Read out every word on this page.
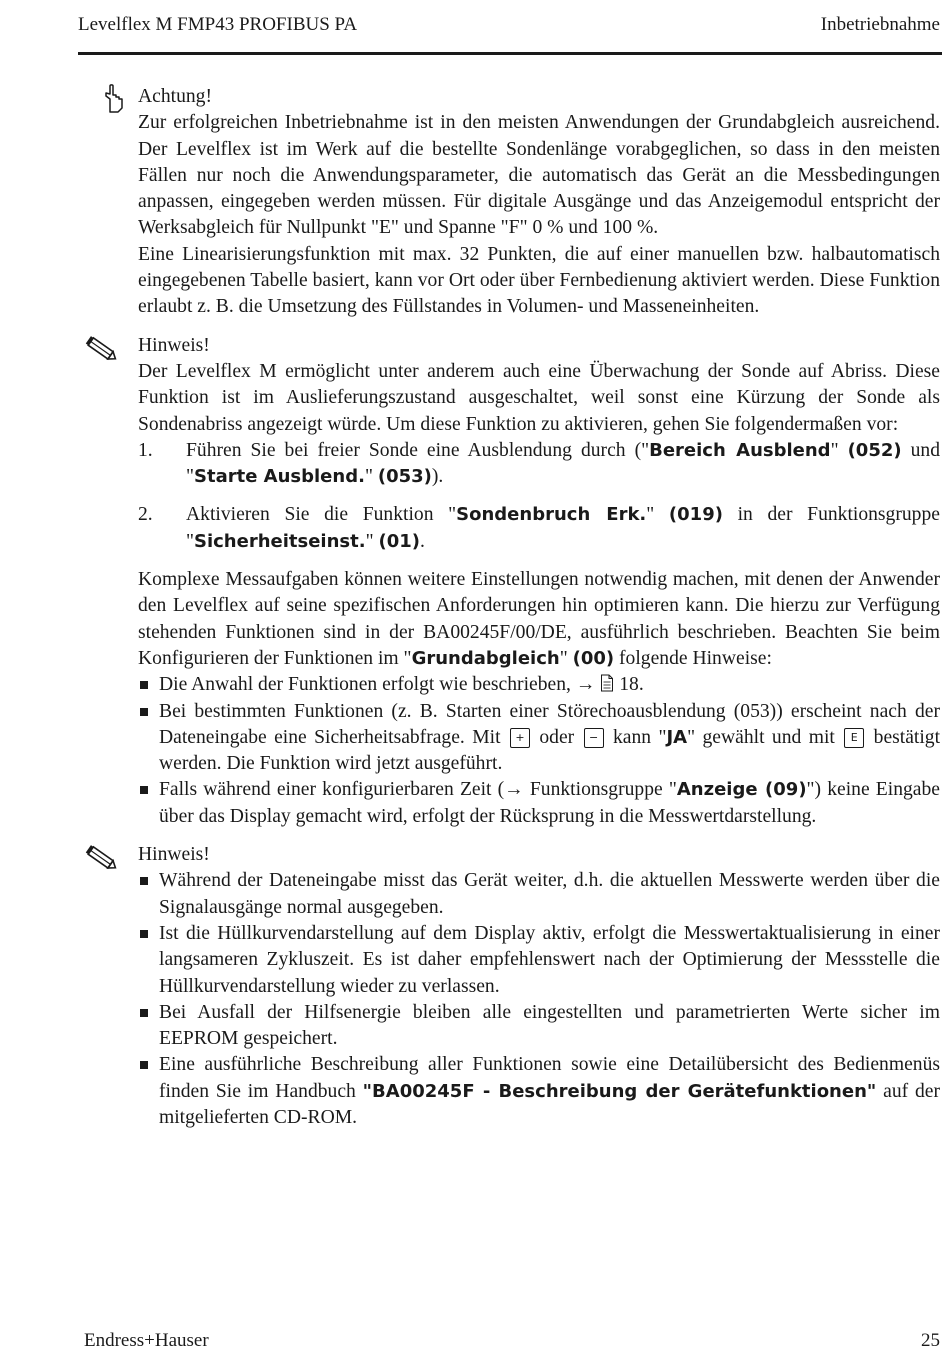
Levelflex M FMP43 PROFIBUS PA	Inbetriebnahme
Achtung!

Zur erfolgreichen Inbetriebnahme ist in den meisten Anwendungen der Grundabgleich ausreichend. Der Levelflex ist im Werk auf die bestellte Sondenlänge vorabgeglichen, so dass in den meisten Fällen nur noch die Anwendungsparameter, die automatisch das Gerät an die Messbedingungen anpassen, eingegeben werden müssen. Für digitale Ausgänge und das Anzeigemodul entspricht der Werksabgleich für Nullpunkt "E" und Spanne "F" 0 % und 100 %.

Eine Linearisierungsfunktion mit max. 32 Punkten, die auf einer manuellen bzw. halbautomatisch eingegebenen Tabelle basiert, kann vor Ort oder über Fernbedienung aktiviert werden. Diese Funktion erlaubt z. B. die Umsetzung des Füllstandes in Volumen- und Masseneinheiten.

Hinweis!

Der Levelflex M ermöglicht unter anderem auch eine Überwachung der Sonde auf Abriss. Diese Funktion ist im Auslieferungszustand ausgeschaltet, weil sonst eine Kürzung der Sonde als Sondenabriss angezeigt würde. Um diese Funktion zu aktivieren, gehen Sie folgendermaßen vor:

1. Führen Sie bei freier Sonde eine Ausblendung durch ("Bereich Ausblend" (052) und "Starte Ausblend." (053)).
2. Aktivieren Sie die Funktion "Sondenbruch Erk." (019) in der Funktionsgruppe "Sicherheitseinst." (01).

Komplexe Messaufgaben können weitere Einstellungen notwendig machen, mit denen der Anwender den Levelflex auf seine spezifischen Anforderungen hin optimieren kann. Die hierzu zur Verfügung stehenden Funktionen sind in der BA00245F/00/DE, ausführlich beschrieben. Beachten Sie beim Konfigurieren der Funktionen im "Grundabgleich" (00) folgende Hinweise:

Die Anwahl der Funktionen erfolgt wie beschrieben, → 18.
Bei bestimmten Funktionen (z. B. Starten einer Störechoausblendung (053)) erscheint nach der Dateneingabe eine Sicherheitsabfrage. Mit + oder − kann "JA" gewählt und mit E bestätigt werden. Die Funktion wird jetzt ausgeführt.
Falls während einer konfigurierbaren Zeit (→ Funktionsgruppe "Anzeige (09)") keine Eingabe über das Display gemacht wird, erfolgt der Rücksprung in die Messwertdarstellung.
Hinweis!
Während der Dateneingabe misst das Gerät weiter, d.h. die aktuellen Messwerte werden über die Signalausgänge normal ausgegeben.
Ist die Hüllkurvendarstellung auf dem Display aktiv, erfolgt die Messwertaktualisierung in einer langsameren Zykluszeit. Es ist daher empfehlenswert nach der Optimierung der Messstelle die Hüllkurvendarstellung wieder zu verlassen.
Bei Ausfall der Hilfsenergie bleiben alle eingestellten und parametrierten Werte sicher im EEPROM gespeichert.
Eine ausführliche Beschreibung aller Funktionen sowie eine Detailübersicht des Bedienmenüs finden Sie im Handbuch "BA00245F - Beschreibung der Gerätefunktionen" auf der mitgelieferten CD-ROM.
Endress+Hauser	25
